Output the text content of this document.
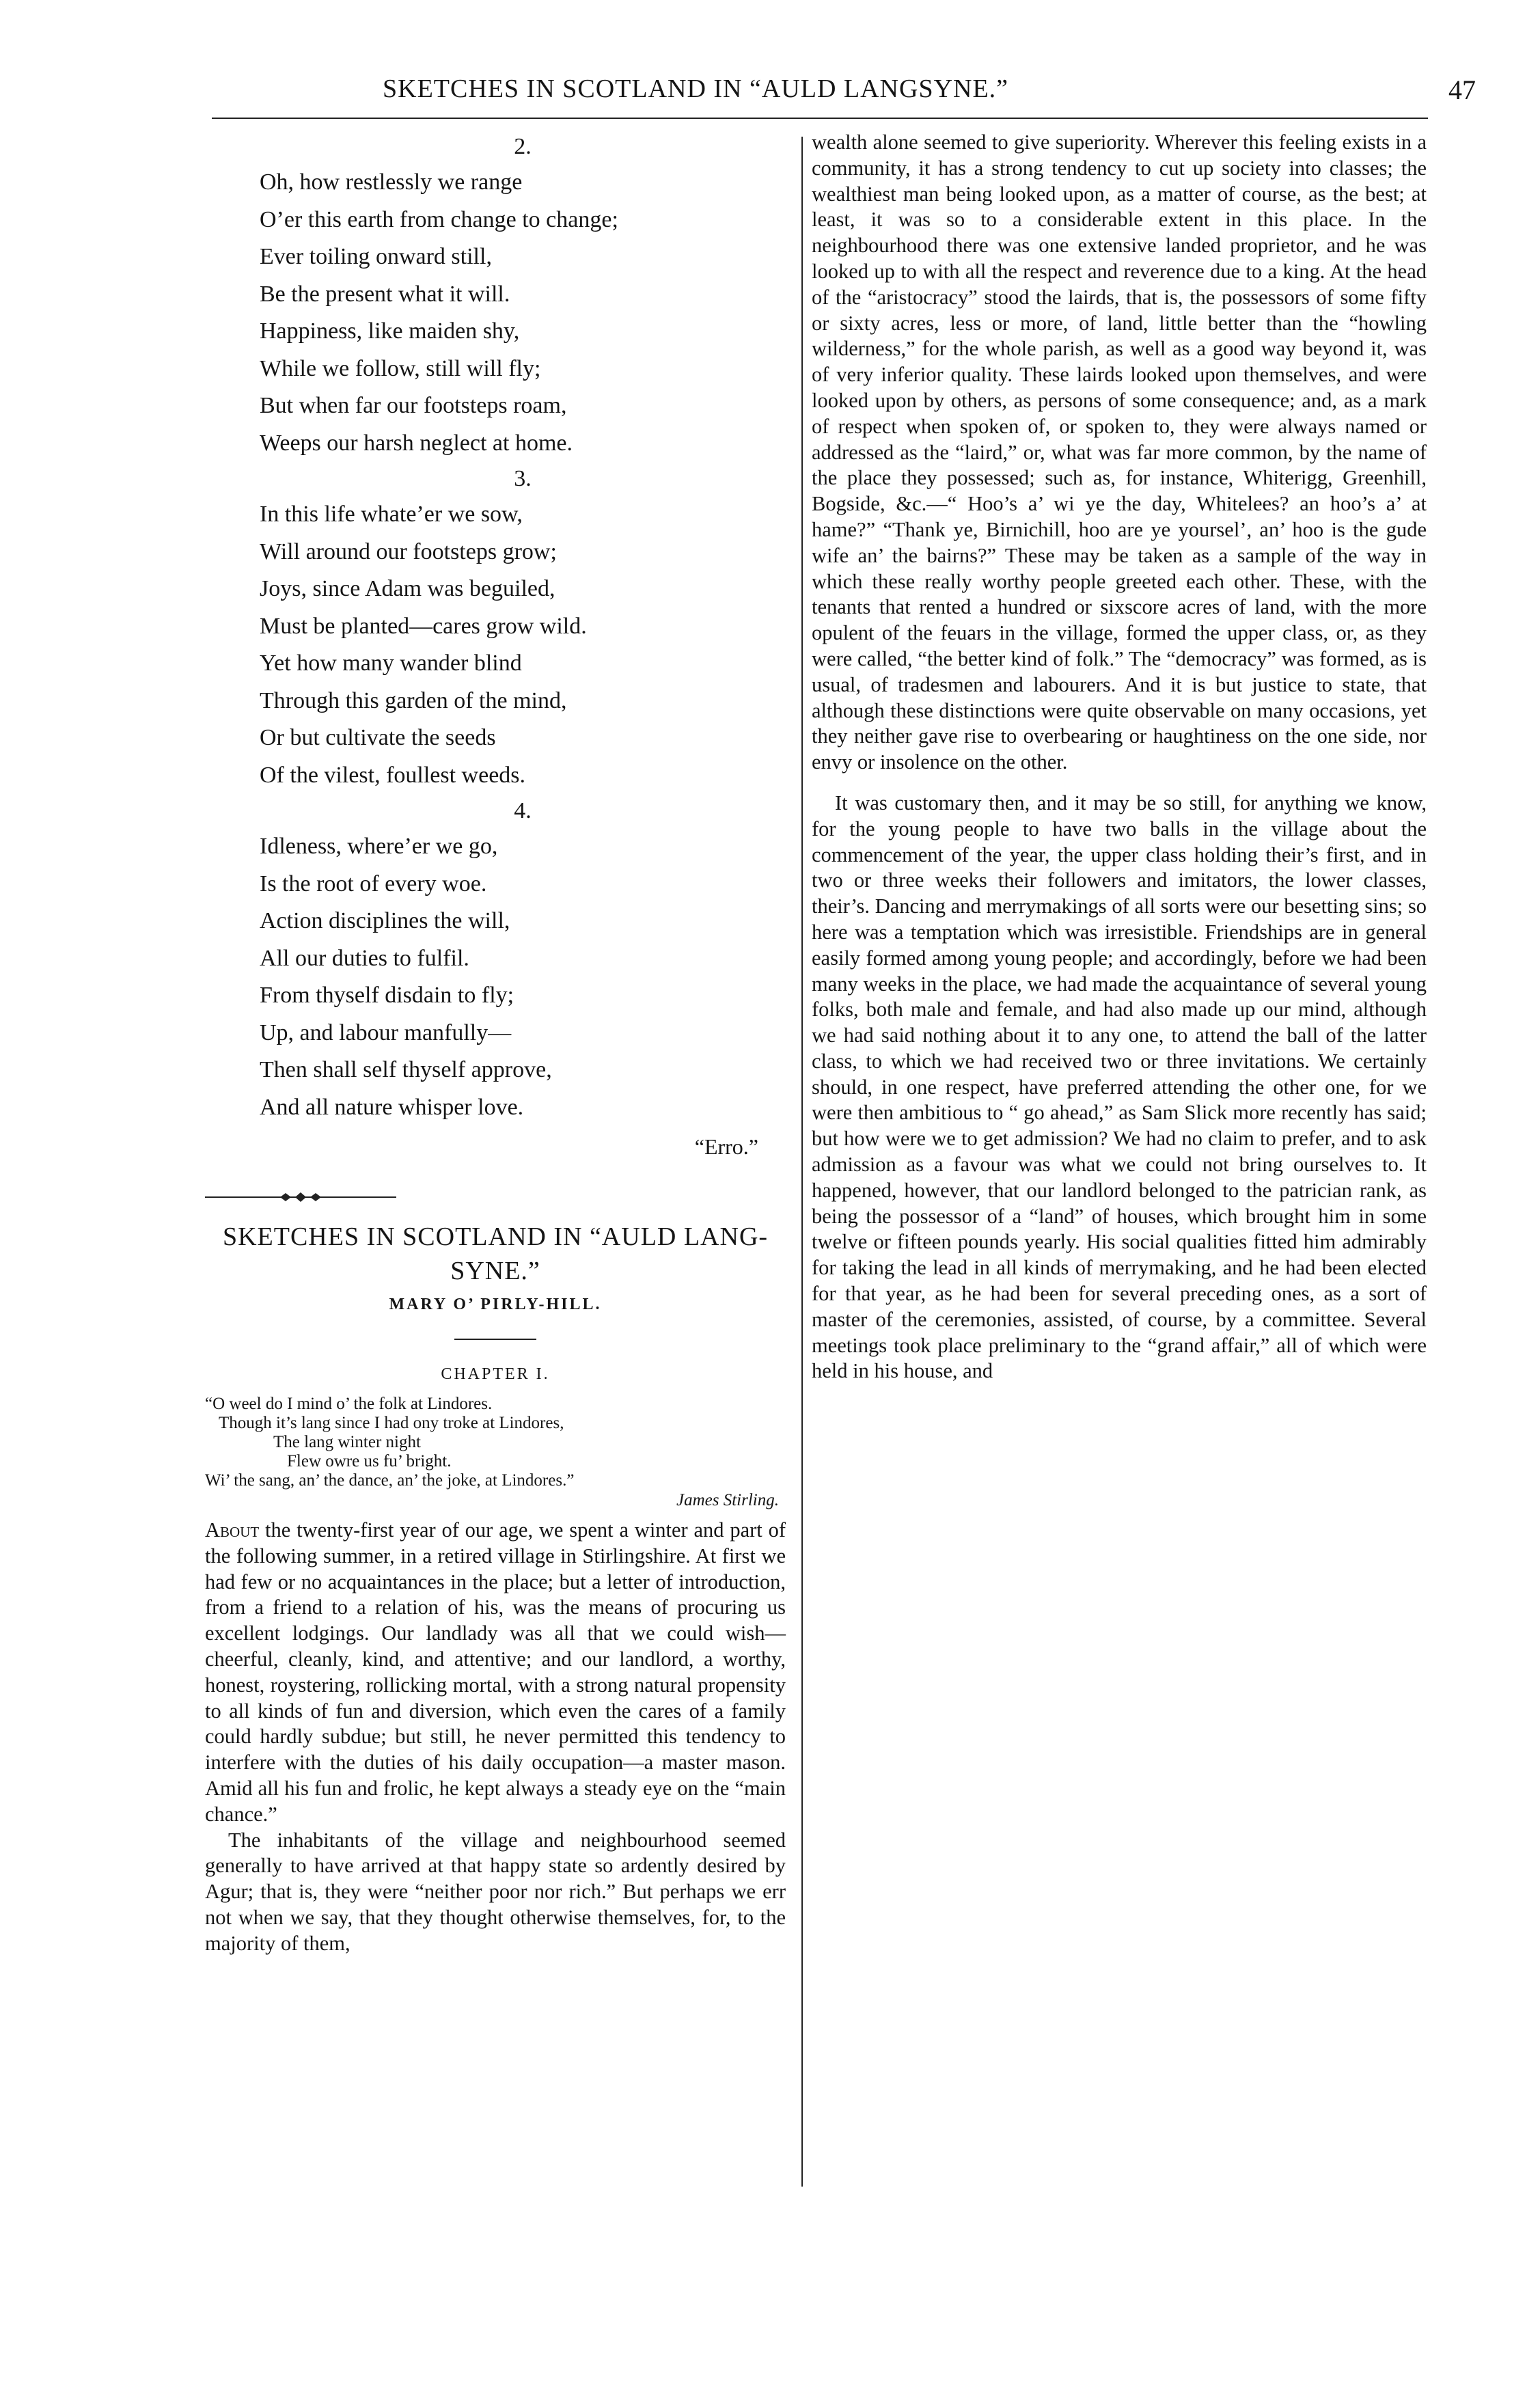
SKETCHES IN SCOTLAND IN “AULD LANGSYNE.”	47
2.
Oh, how restlessly we range
O’er this earth from change to change;
Ever toiling onward still,
Be the present what it will.
Happiness, like maiden shy,
While we follow, still will fly;
But when far our footsteps roam,
Weeps our harsh neglect at home.
3.
In this life whate’er we sow,
Will around our footsteps grow;
Joys, since Adam was beguiled,
Must be planted—cares grow wild.
Yet how many wander blind
Through this garden of the mind,
Or but cultivate the seeds
Of the vilest, foullest weeds.
4.
Idleness, where’er we go,
Is the root of every woe.
Action disciplines the will,
All our duties to fulfil.
From thyself disdain to fly;
Up, and labour manfully—
Then shall self thyself approve,
And all nature whisper love.
“Erro.”
SKETCHES IN SCOTLAND IN “AULD LANG-
SYNE.”
MARY O’ PIRLY-HILL.
CHAPTER I.
“O weel do I mind o’ the folk at Lindores.
Though it’s lang since I had ony troke at Lindores,
The lang winter night
Flew owre us fu’ bright.
Wi’ the sang, an’ the dance, an’ the joke, at Lindores.”
James Stirling.

About the twenty-first year of our age, we spent a winter and part of the following summer, in a retired village in Stirlingshire. At first we had few or no acquaintances in the place; but a letter of introduction, from a friend to a relation of his, was the means of procuring us excellent lodgings. Our landlady was all that we could wish—cheerful, cleanly, kind, and attentive; and our landlord, a worthy, honest, roystering, rollicking mortal, with a strong natural propensity to all kinds of fun and diversion, which even the cares of a family could hardly subdue; but still, he never permitted this tendency to interfere with the duties of his daily occupation—a master mason. Amid all his fun and frolic, he kept always a steady eye on the “main chance.”

The inhabitants of the village and neighbourhood seemed generally to have arrived at that happy state so ardently desired by Agur; that is, they were “neither poor nor rich.” But perhaps we err not when we say, that they thought otherwise themselves, for, to the majority of them,

wealth alone seemed to give superiority. Wherever this feeling exists in a community, it has a strong tendency to cut up society into classes; the wealthiest man being looked upon, as a matter of course, as the best; at least, it was so to a considerable extent in this place. In the neighbourhood there was one extensive landed proprietor, and he was looked up to with all the respect and reverence due to a king. At the head of the “aristocracy” stood the lairds, that is, the possessors of some fifty or sixty acres, less or more, of land, little better than the “howling wilderness,” for the whole parish, as well as a good way beyond it, was of very inferior quality. These lairds looked upon themselves, and were looked upon by others, as persons of some consequence; and, as a mark of respect when spoken of, or spoken to, they were always named or addressed as the “laird,” or, what was far more common, by the name of the place they possessed; such as, for instance, Whiterigg, Greenhill, Bogside, &c.—“ Hoo’s a’ wi ye the day, Whitelees? an hoo’s a’ at hame?” “Thank ye, Birnichill, hoo are ye yoursel’, an’ hoo is the gude wife an’ the bairns?” These may be taken as a sample of the way in which these really worthy people greeted each other. These, with the tenants that rented a hundred or sixscore acres of land, with the more opulent of the feuars in the village, formed the upper class, or, as they were called, “the better kind of folk.” The “democracy” was formed, as is usual, of tradesmen and labourers. And it is but justice to state, that although these distinctions were quite observable on many occasions, yet they neither gave rise to overbearing or haughtiness on the one side, nor envy or insolence on the other.

It was customary then, and it may be so still, for anything we know, for the young people to have two balls in the village about the commencement of the year, the upper class holding their’s first, and in two or three weeks their followers and imitators, the lower classes, their’s. Dancing and merrymakings of all sorts were our besetting sins; so here was a temptation which was irresistible. Friendships are in general easily formed among young people; and accordingly, before we had been many weeks in the place, we had made the acquaintance of several young folks, both male and female, and had also made up our mind, although we had said nothing about it to any one, to attend the ball of the latter class, to which we had received two or three invitations. We certainly should, in one respect, have preferred attending the other one, for we were then ambitious to “ go ahead,” as Sam Slick more recently has said; but how were we to get admission? We had no claim to prefer, and to ask admission as a favour was what we could not bring ourselves to. It happened, however, that our landlord belonged to the patrician rank, as being the possessor of a “land” of houses, which brought him in some twelve or fifteen pounds yearly. His social qualities fitted him admirably for taking the lead in all kinds of merrymaking, and he had been elected for that year, as he had been for several preceding ones, as a sort of master of the ceremonies, assisted, of course, by a committee. Several meetings took place preliminary to the “grand affair,” all of which were held in his house, and
